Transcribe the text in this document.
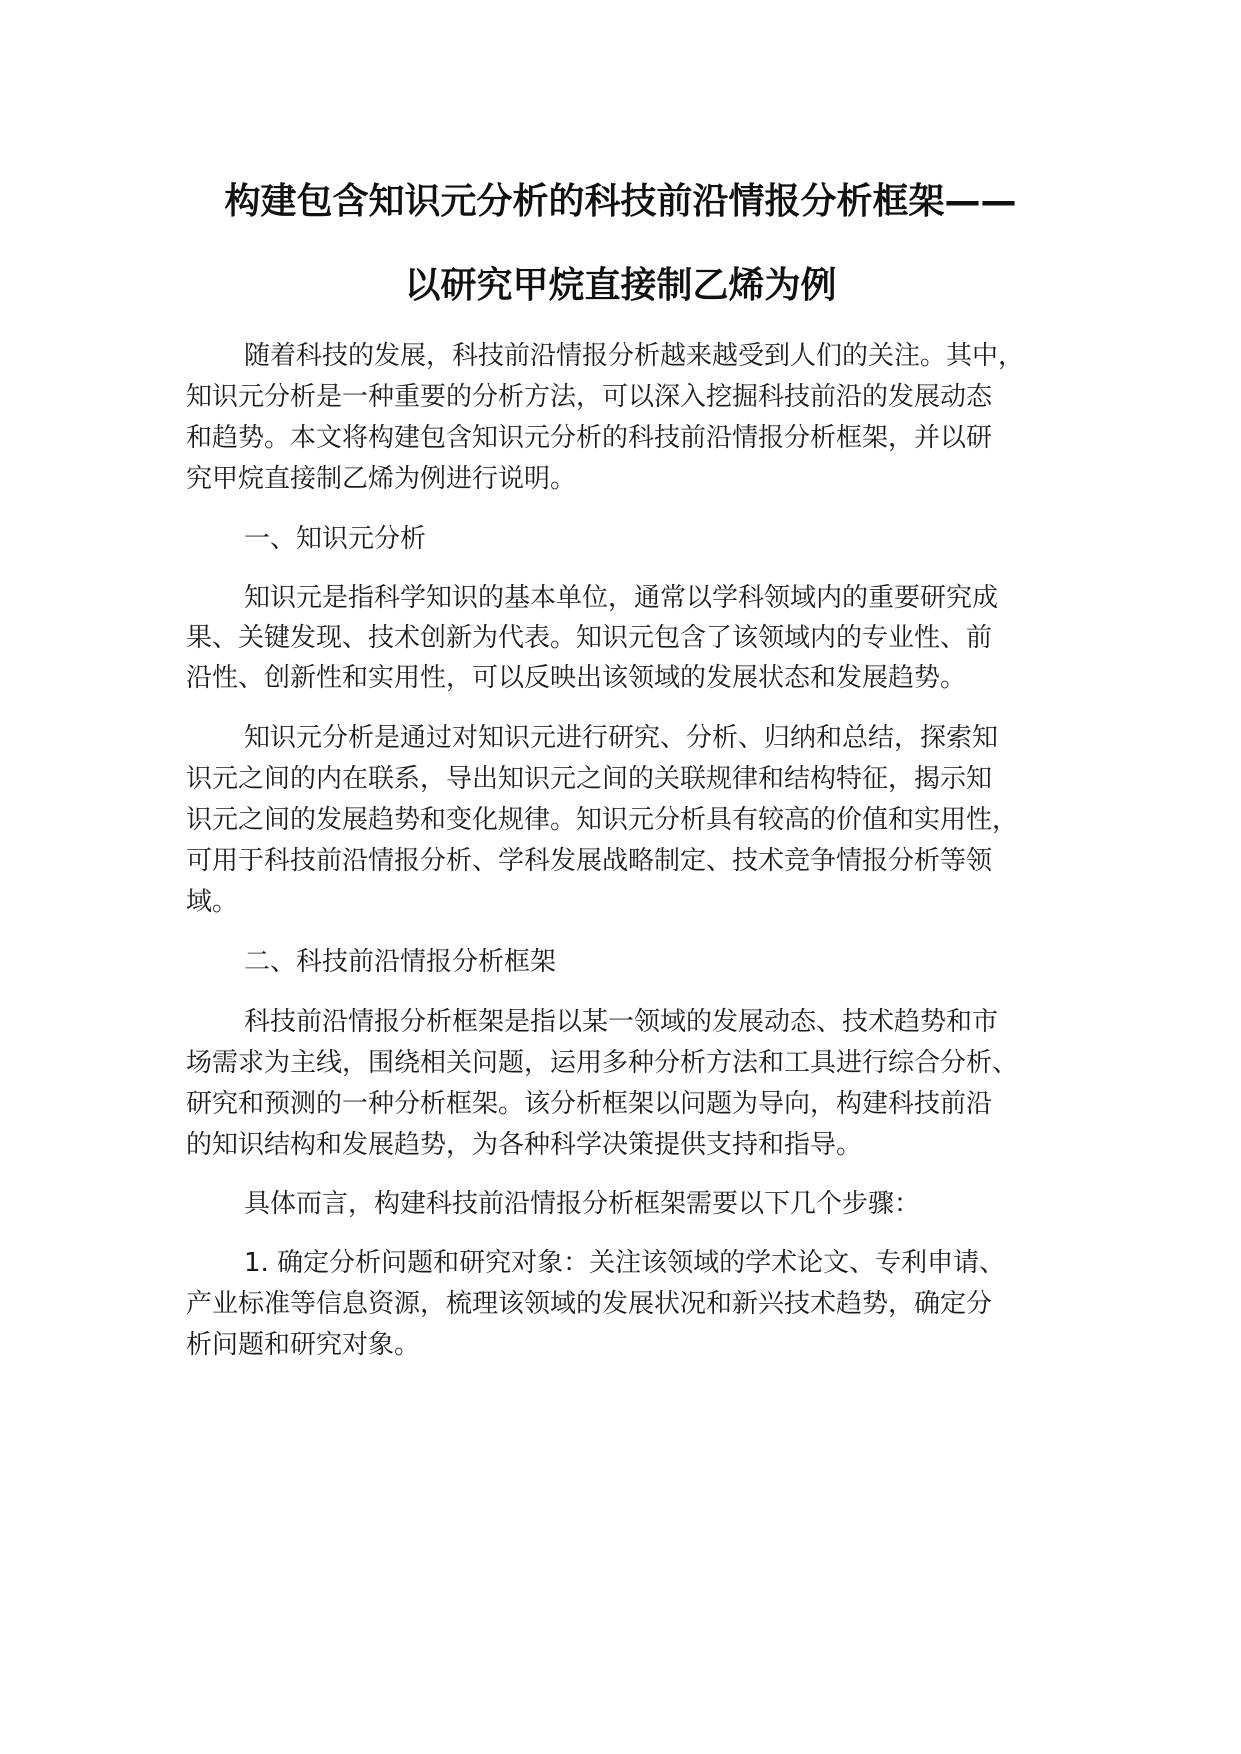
构建包含知识元分析的科技前沿情报分析框架——
以研究甲烷直接制乙烯为例
随着科技的发展，科技前沿情报分析越来越受到人们的关注。其中，
知识元分析是一种重要的分析方法，可以深入挖掘科技前沿的发展动态
和趋势。本文将构建包含知识元分析的科技前沿情报分析框架，并以研
究甲烷直接制乙烯为例进行说明。
一、知识元分析
知识元是指科学知识的基本单位，通常以学科领域内的重要研究成
果、关键发现、技术创新为代表。知识元包含了该领域内的专业性、前
沿性、创新性和实用性，可以反映出该领域的发展状态和发展趋势。
知识元分析是通过对知识元进行研究、分析、归纳和总结，探索知
识元之间的内在联系，导出知识元之间的关联规律和结构特征，揭示知
识元之间的发展趋势和变化规律。知识元分析具有较高的价值和实用性，
可用于科技前沿情报分析、学科发展战略制定、技术竞争情报分析等领
域。
二、科技前沿情报分析框架
科技前沿情报分析框架是指以某一领域的发展动态、技术趋势和市
场需求为主线，围绕相关问题，运用多种分析方法和工具进行综合分析、
研究和预测的一种分析框架。该分析框架以问题为导向，构建科技前沿
的知识结构和发展趋势，为各种科学决策提供支持和指导。
具体而言，构建科技前沿情报分析框架需要以下几个步骤：
1. 确定分析问题和研究对象：关注该领域的学术论文、专利申请、
产业标准等信息资源，梳理该领域的发展状况和新兴技术趋势，确定分
析问题和研究对象。
